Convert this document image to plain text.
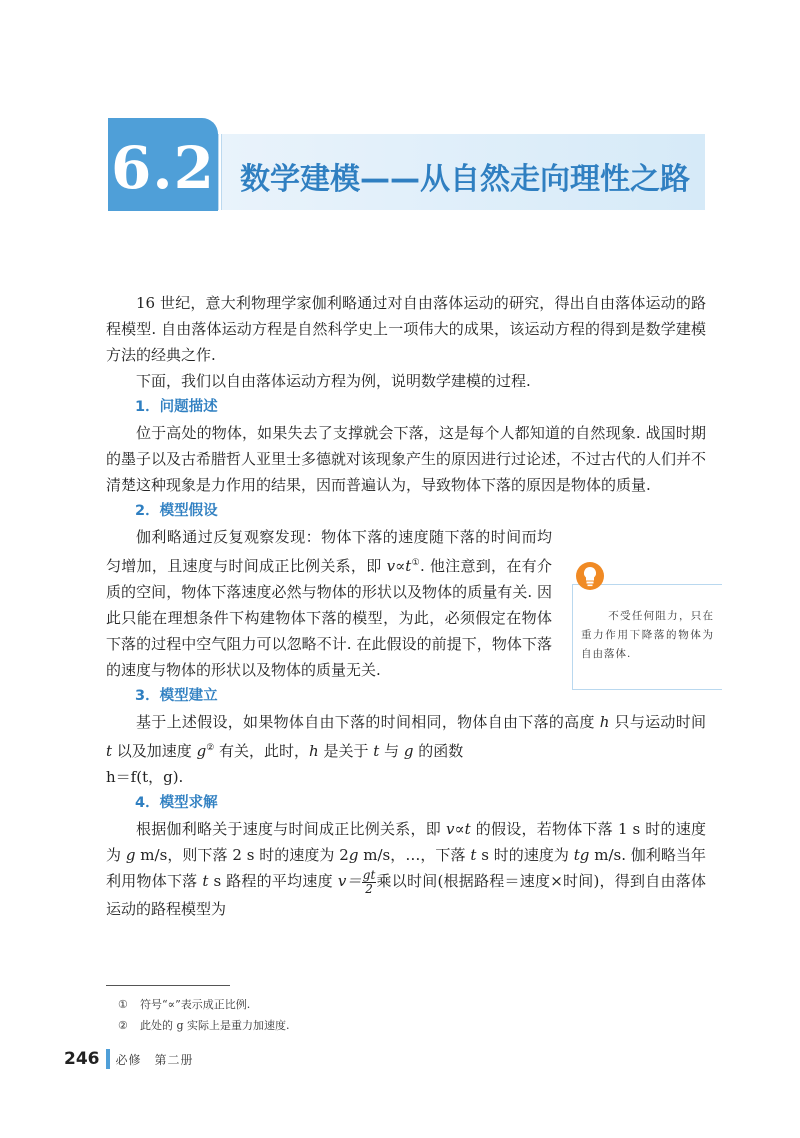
6.2 数学建模——从自然走向理性之路

16 世纪，意大利物理学家伽利略通过对自由落体运动的研究，得出自由落体运动的路程模型. 自由落体运动方程是自然科学史上一项伟大的成果，该运动方程的得到是数学建模方法的经典之作.

下面，我们以自由落体运动方程为例，说明数学建模的过程.

1．问题描述

位于高处的物体，如果失去了支撑就会下落，这是每个人都知道的自然现象. 战国时期的墨子以及古希腊哲人亚里士多德就对该现象产生的原因进行过论述，不过古代的人们并不清楚这种现象是力作用的结果，因而普遍认为，导致物体下落的原因是物体的质量.

2．模型假设

伽利略通过反复观察发现：物体下落的速度随下落的时间而均匀增加，且速度与时间成正比例关系，即 v∝t①. 他注意到，在有介质的空间，物体下落速度必然与物体的形状以及物体的质量有关. 因此只能在理想条件下构建物体下落的模型，为此，必须假定在物体下落的过程中空气阻力可以忽略不计. 在此假设的前提下，物体下落的速度与物体的形状以及物体的质量无关.

3．模型建立

基于上述假设，如果物体自由下落的时间相同，物体自由下落的高度 h 只与运动时间 t 以及加速度 g② 有关，此时，h 是关于 t 与 g 的函数

h＝f(t，g).

4．模型求解

根据伽利略关于速度与时间成正比例关系，即 v∝t 的假设，若物体下落 1 s 时的速度为 g m/s，则下落 2 s 时的速度为 2g m/s，…，下落 t s 时的速度为 tg m/s. 伽利略当年利用物体下落 t s 路程的平均速度 $v= \frac{gt}{2}$ 乘以时间(根据路程＝速度×时间)，得到自由落体运动的路程模型为

不受任何阻力，只在重力作用下降落的物体为自由落体.
① 符号“∝”表示成正比例.
② 此处的 g 实际上是重力加速度.
246 必修　第二册
